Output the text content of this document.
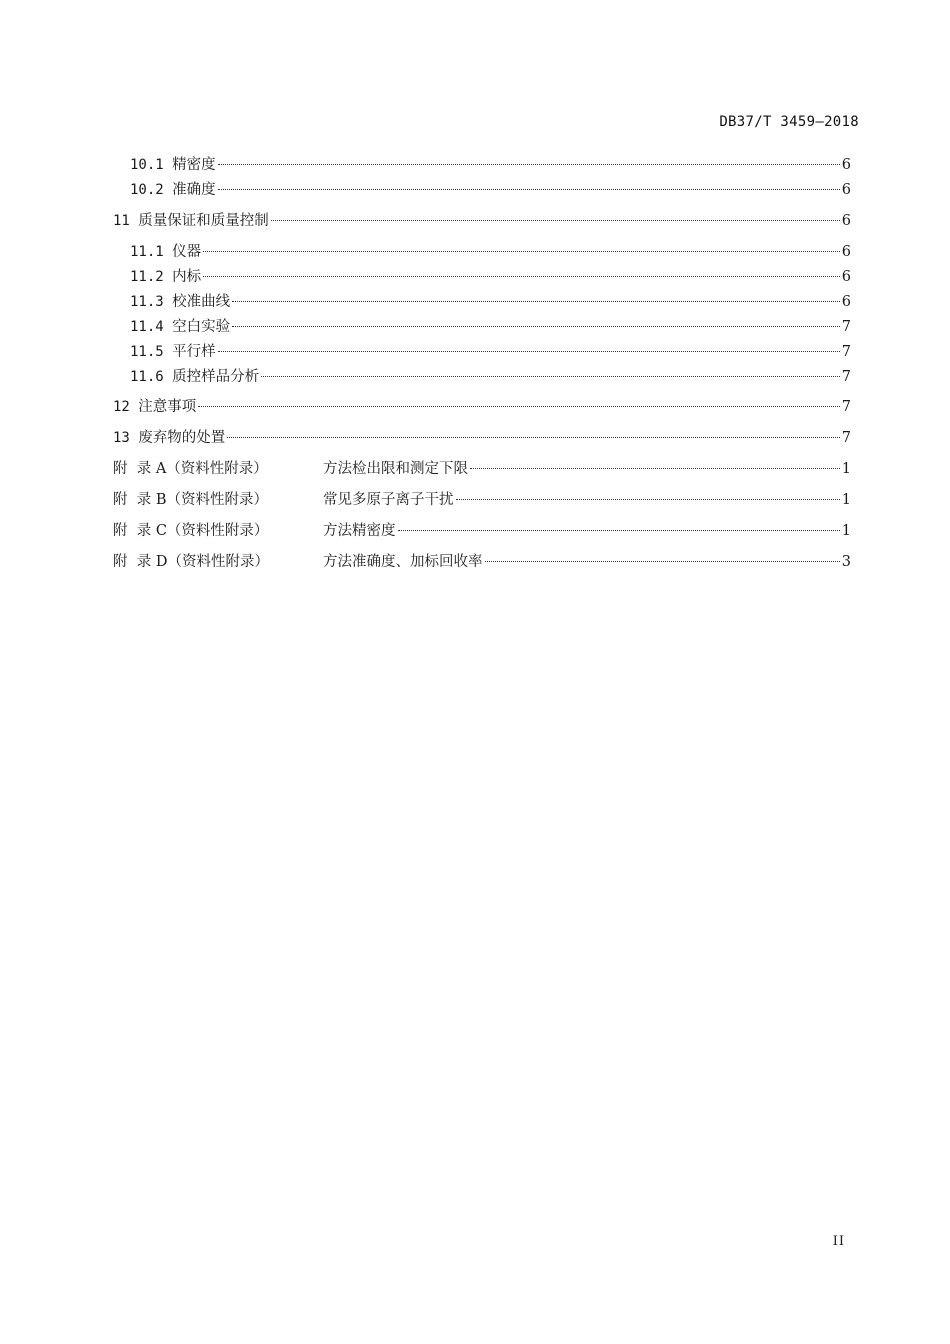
DB37/T 3459—2018
10.1 精密度	6
10.2 准确度	6
11 质量保证和质量控制	6
11.1 仪器	6
11.2 内标	6
11.3 校准曲线	6
11.4 空白实验	7
11.5 平行样	7
11.6 质控样品分析	7
12 注意事项	7
13 废弃物的处置	7
附  录 A（资料性附录）	方法检出限和测定下限	1
附  录 B（资料性附录）	常见多原子离子干扰	1
附  录 C（资料性附录）	方法精密度	1
附  录 D（资料性附录）	方法准确度、加标回收率	3
II
